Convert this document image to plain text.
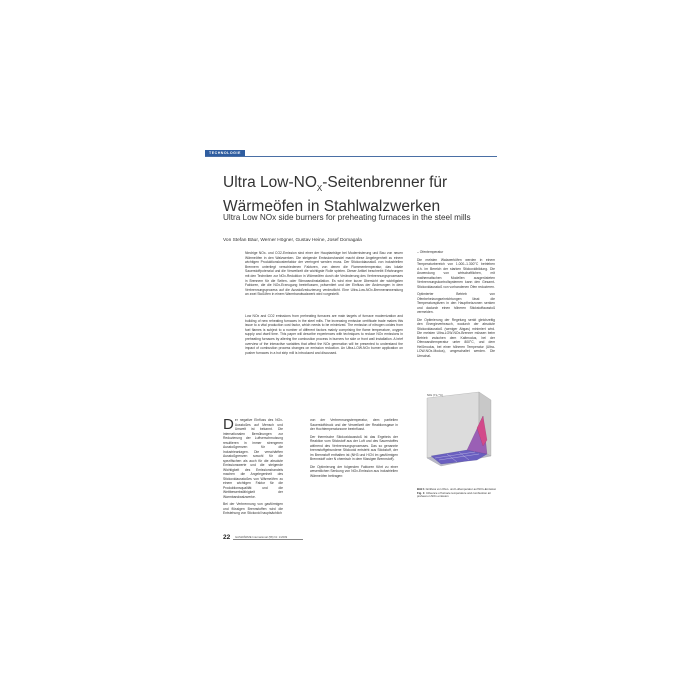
TECHNOLOGIE
Ultra Low-$NO_X$-Seitenbrenner für Wärmeöfen in Stahlwalzwerken
Ultra Low NOx side burners for preheating furnaces in the steel mills
Von Stefan Bäur, Werner Högner, Gustav Heine, Josef Domagala
Niedrige NOx- und CO2-Emission sind einer der Hauptanträge bei Modernisierung und Bau von neuen Wärmeöfen in den Walzwerken. Die steigende Emissionshandel macht diese Angelegenheit zu einem wichtigen Produktionskostenfaktor der verringert werden muss. Der Stickoxidausstoß von industriellen Brennern unterliegt verschiedenen Faktoren, von denen die Flammentemperatur, das lokale Sauerstoffpotenzial und die Verweilzeit die wichtigste Rolle spielen. Dieser Artikel beschreibt Erfahrungen mit den Techniken zur NOx-Reduktion in Wärmeöfen durch die Veränderung des Verbrennungsprozesses in Brennern für die Seiten- oder Stirnwandinstallation. Es wird eine kurze Übersicht der wichtigsten Faktoren, die die NOx-Erzeugung beeinflussen, präsentiert und der Einfluss der Änderungen in dem Verbrennungsprozess auf die Ausstoßreduzierung verdeutlicht. Eine Ultra-Low-NOx-Brenneranwendung an zwei Stoßöfen in einem Warmbandwalzwerk wird vorgestellt.
Low NOx and CO2 emissions from preheating furnaces are main targets of furnace modernization and building of new reheating furnaces in the steel mills. The increasing emission certificate trade makes this issue to a vital production cost factor, which needs to be minimized. The emission of nitrogen oxides from fuel flames is subject to a number of different factors mainly comprising the flame temperature, oxygen supply and dwell time. This paper will describe experiences with techniques to reduce NOx emissions in preheating furnaces by altering the combustion process in burners for side or front wall installation. A brief overview of the interactive variables that affect the NOx generation will be presented to understand the impact of combustion process changes on emission reduction. An Ultra-LOW-NOx burner application on pusher furnaces in a hot strip mill is introduced and discussed.

Der negative Einfluss des NOx-Ausstoßes auf Mensch und Umwelt ist bekannt. Die internationalen Bemühungen zur Reduzierung der Luftverschmutzung resultieren in immer strengeren Ausstoßgrenzen für die Industrieanlagen. Die verschärften Ausstoßgrenzen sowohl für die spezifischen als auch für die absolute Emissionswerte und die steigende Wichtigkeit des Emissionshandels machen die Angelegenheit des Stickoxidausstoßes von Wärmeöfen zu einem wichtigen Faktor für die Produktionsqualität und die Wettbewerbsfähigkeit der Warmbandwalzwerke.

Bei der Verbrennung von gasförmigen und flüssigen Brennstoffen wird die Entstehung von Stickoxid hauptsächlich

von der Verbrennungstemperatur, dem partiellen Sauerstoffdruck und der Verweilzeit der Reaktionsgase in der Hochtemperaturzone beeinflusst.

Der thermische Stickoxidausstoß ist das Ergebnis der Reaktion vom Stickstoff aus der Luft und des Sauerstoffes während des Verbrennungsprozesses. Das so genannte brennstoffgebundene Stickoxid entsteht aus Stickstoff, der im Brennstoff enthalten ist (NH3 und HCN im gasförmigen Brennstoff oder N chemisch in dem flüssigen Brennstoff).

Die Optimierung der folgenden Faktoren führt zu einer wesentlichen Senkung von NOx-Emission aus industriellen Wärmeöfen beitragen:

– Ofentemperatur

Die meisten Walzwerköfen werden in einem Temperaturbereich von 1.000–1.300°C betrieben d.h. im Bereich der starken Stickoxidbildung. Die Anwendung von wirtschaftlichen, mit mathematischen Modellen ausgerüsteten Verbrennungskontrollsystemen kann den Gesamt-Stickoxidausstoß von vorhandenen Öfen reduzieren.

Optimierter Betrieb von Ofenbeheizungseinrichtungen lässt die Temperaturspitzen in den Hauptheizzonen senken und dadurch einen höheren Stickstoffausstoß vermeiden.

Die Optimierung der Regelung senkt gleichzeitig den Energieverbrauch, wodurch der absolute Stickoxidausstoß (weniger Abgas) minimiert wird. Die meisten Ultra-LOW-NOx-Brenner müssen beim Betrieb zwischen dem Kaltmodus, bei der Ofenwandtemperatur unter 800°C, und dem Heißmodus, bei einer höheren Temperatur (Ultra-LOW-NOx-Modus), umgeschaltet werden. Die Umschal-

NOx (Y1 / °C)
Bild 1: Einfluss von Ofen- und Luftemperatur auf NOx-Emission
Fig. 1: Influence of furnace temperature and combustion air preheat on NOx emission
22 GASWÄRME International (58) Nr. 1/2009
